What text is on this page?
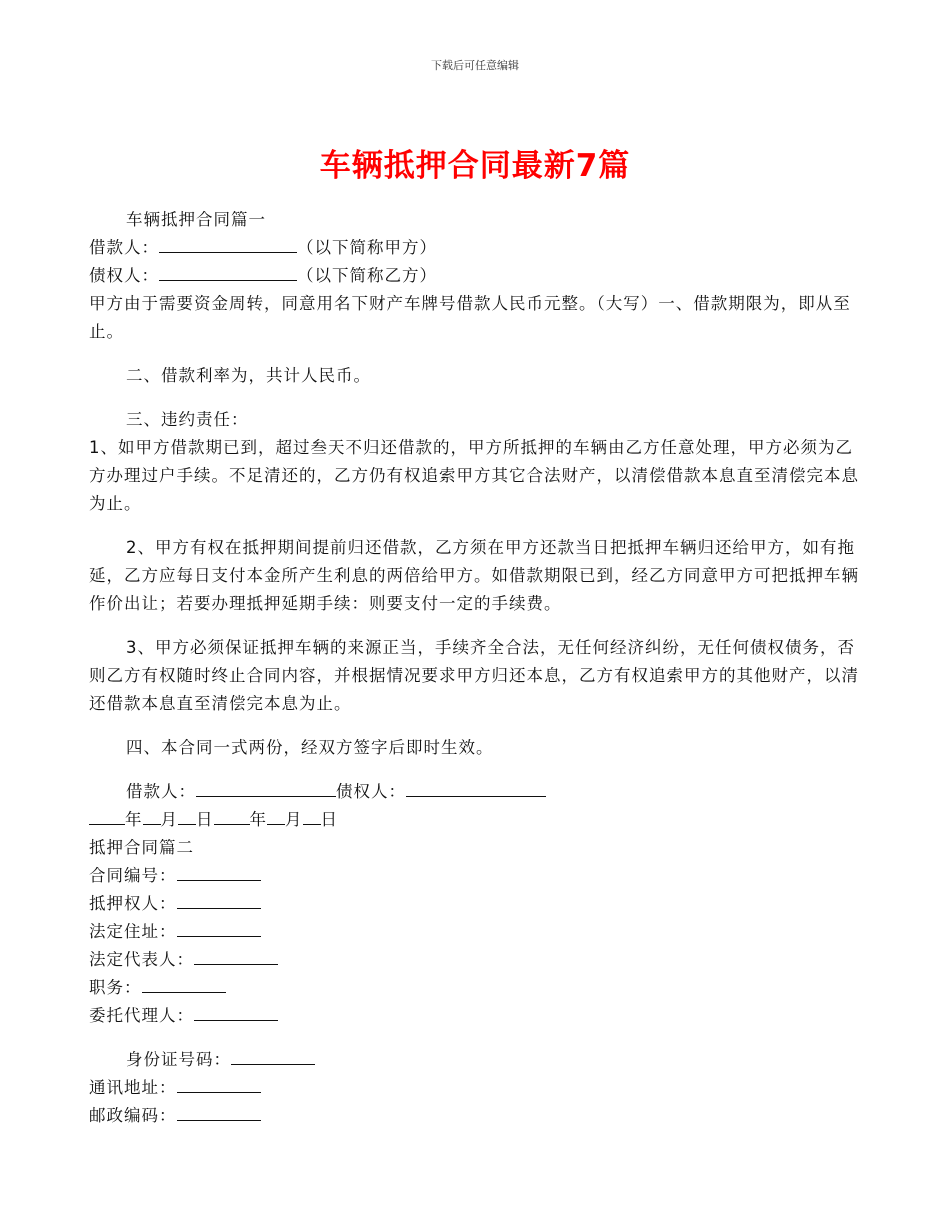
下载后可任意编辑
车辆抵押合同最新7篇

车辆抵押合同篇一

借款人：	（以下简称甲方）

债权人：	（以下简称乙方）

甲方由于需要资金周转，同意用名下财产车牌号借款人民币元整。（大写）一、借款期限为，即从至止。

二、借款利率为，共计人民币。

三、违约责任：

1、如甲方借款期已到，超过叁天不归还借款的，甲方所抵押的车辆由乙方任意处理，甲方必须为乙方办理过户手续。不足清还的，乙方仍有权追索甲方其它合法财产，以清偿借款本息直至清偿完本息为止。

2、甲方有权在抵押期间提前归还借款，乙方须在甲方还款当日把抵押车辆归还给甲方，如有拖延，乙方应每日支付本金所产生利息的两倍给甲方。如借款期限已到，经乙方同意甲方可把抵押车辆作价出让；若要办理抵押延期手续：则要支付一定的手续费。

3、甲方必须保证抵押车辆的来源正当，手续齐全合法，无任何经济纠纷，无任何债权债务，否则乙方有权随时终止合同内容，并根据情况要求甲方归还本息，乙方有权追索甲方的其他财产，以清还借款本息直至清偿完本息为止。

四、本合同一式两份，经双方签字后即时生效。

借款人：	债权人：

年 月 日 年 月 日

抵押合同篇二

合同编号：

抵押权人：

法定住址：

法定代表人：

职务：

委托代理人：

身份证号码：

通讯地址：

邮政编码：
